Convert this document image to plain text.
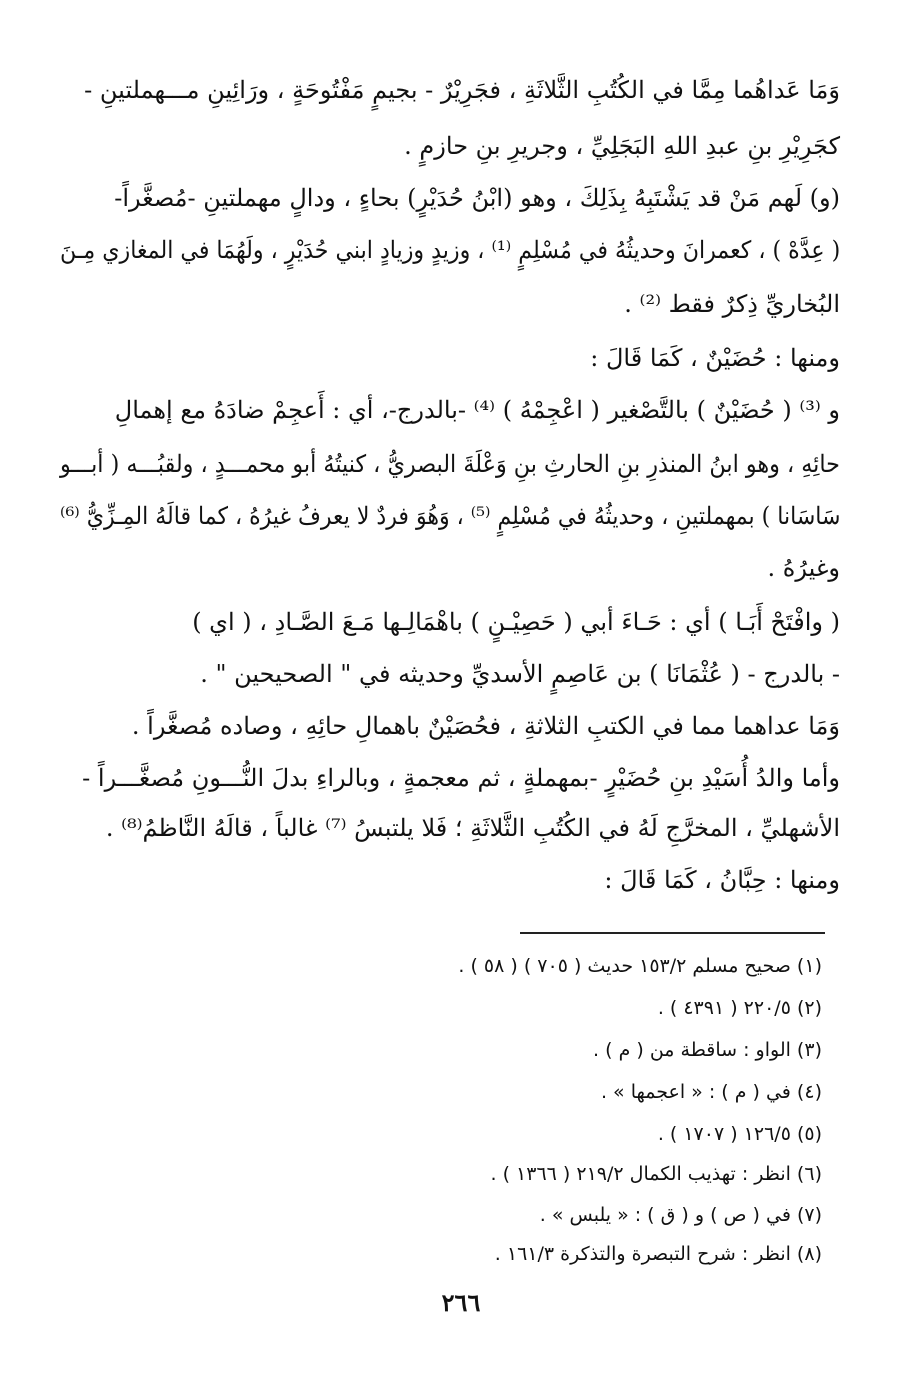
وَمَا عَداهُما مِمَّا في الكُتُبِ الثَّلاثَةِ ، فجَرِيْرٌ - بجيمٍ مَفْتُوحَةٍ ، ورَائِينِ مـــهملتينِ -
كجَرِيْرِ بنِ عبدِ اللهِ البَجَلِيِّ ، وجريرِ بنِ حازمٍ .
(و) لَهم مَنْ قد يَشْتَبِهُ بِذَلِكَ ، وهو (ابْنُ حُدَيْرٍ) بحاءٍ ، ودالٍ مهملتينِ -مُصغَّراً-
( عِدَّهْ ) ، كعمرانَ وحديثُهُ في مُسْلِمٍ ⁽¹⁾ ، وزيدٍ وزيادٍ ابني حُدَيْرٍ ، ولَهُمَا في المغازي مِـنَ
البُخاريِّ ذِكرٌ فقط ⁽²⁾ .
ومنها : حُضَيْنٌ ، كَمَا قَالَ :
و ⁽³⁾ ( حُضَيْنٌ ) بالتَّصْغير ( اعْجِمْهُ ) ⁽⁴⁾ -بالدرج-، أي : أَعجِمْ ضادَهُ مع إهمالِ
حائِهِ ، وهو ابنُ المنذرِ بنِ الحارثِ بنِ وَعْلَةَ البصريُّ ، كنيتُهُ أبو محمـــدٍ ، ولقبُـــه ( أبـــو
سَاسَانا ) بمهملتينِ ، وحديثُهُ في مُسْلِمٍ ⁽⁵⁾ ، وَهُوَ فردٌ لا يعرفُ غيرُهُ ، كما قالَهُ المِـزِّيُّ ⁽⁶⁾
وغيرُهُ .
( وافْتَحْ أَبَـا ) أي : حَـاءَ أبي ( حَصِيْـنٍ ) باهْمَالِـها مَـعَ الصَّـادِ ، ( اي )
- بالدرج - ( عُثْمَانَا ) بن عَاصِمٍ الأسديِّ وحديثه في " الصحيحين " .
وَمَا عداهما مما في الكتبِ الثلاثةِ ، فحُصَيْنٌ باهمالِ حائِهِ ، وصاده مُصغَّراً .
وأما والدُ أُسَيْدِ بنِ حُضَيْرٍ -بمهملةٍ ، ثم معجمةٍ ، وبالراءِ بدلَ النُّـــونِ مُصغَّـــراً -
الأشهليِّ ، المخرَّجِ لَهُ في الكُتُبِ الثَّلاثَةِ ؛ فَلا يلتبسُ ⁽⁷⁾ غالباً ، قالَهُ النَّاظمُ⁽⁸⁾ .
ومنها : حِبَّانُ ، كَمَا قَالَ :
(١) صحيح مسلم ١٥٣/٢ حديث ( ٧٠٥ ) ( ٥٨ ) .
(٢) ٢٢٠/٥ ( ٤٣٩١ ) .
(٣) الواو : ساقطة من ( م ) .
(٤) في ( م ) : « اعجمها » .
(٥) ١٢٦/٥ ( ١٧٠٧ ) .
(٦) انظر : تهذيب الكمال ٢١٩/٢ ( ١٣٦٦ ) .
(٧) في ( ص ) و ( ق ) : « يلبس » .
(٨) انظر : شرح التبصرة والتذكرة ١٦١/٣ .
٢٦٦
